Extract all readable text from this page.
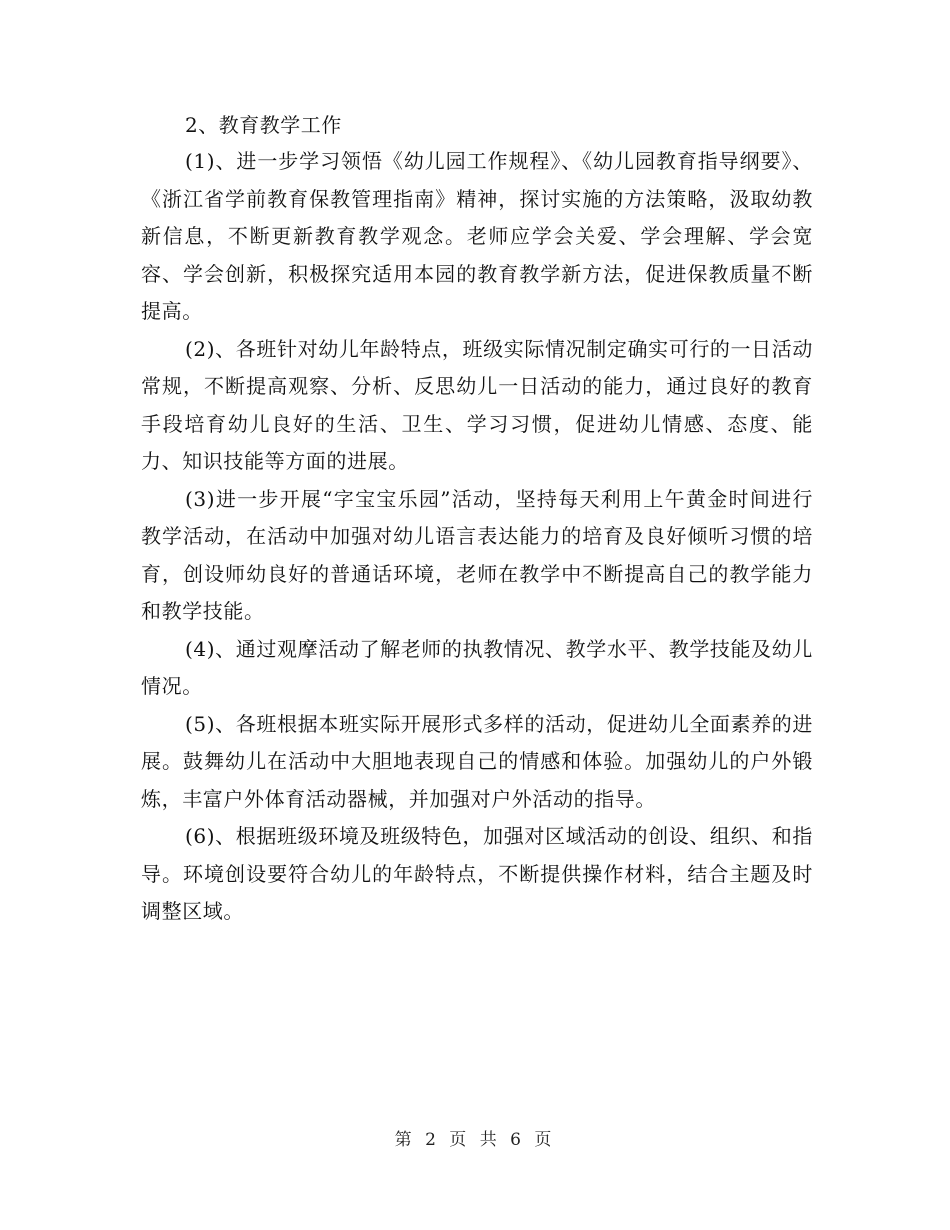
2、教育教学工作

(1)、进一步学习领悟《幼儿园工作规程》、《幼儿园教育指导纲要》、《浙江省学前教育保教管理指南》精神，探讨实施的方法策略，汲取幼教新信息，不断更新教育教学观念。老师应学会关爱、学会理解、学会宽容、学会创新，积极探究适用本园的教育教学新方法，促进保教质量不断提高。

(2)、各班针对幼儿年龄特点，班级实际情况制定确实可行的一日活动常规，不断提高观察、分析、反思幼儿一日活动的能力，通过良好的教育手段培育幼儿良好的生活、卫生、学习习惯，促进幼儿情感、态度、能力、知识技能等方面的进展。

(3)进一步开展“字宝宝乐园”活动，坚持每天利用上午黄金时间进行教学活动，在活动中加强对幼儿语言表达能力的培育及良好倾听习惯的培育，创设师幼良好的普通话环境，老师在教学中不断提高自己的教学能力和教学技能。

(4)、通过观摩活动了解老师的执教情况、教学水平、教学技能及幼儿情况。

(5)、各班根据本班实际开展形式多样的活动，促进幼儿全面素养的进展。鼓舞幼儿在活动中大胆地表现自己的情感和体验。加强幼儿的户外锻炼，丰富户外体育活动器械，并加强对户外活动的指导。

(6)、根据班级环境及班级特色，加强对区域活动的创设、组织、和指导。环境创设要符合幼儿的年龄特点，不断提供操作材料，结合主题及时调整区域。

第 2 页 共 6 页
